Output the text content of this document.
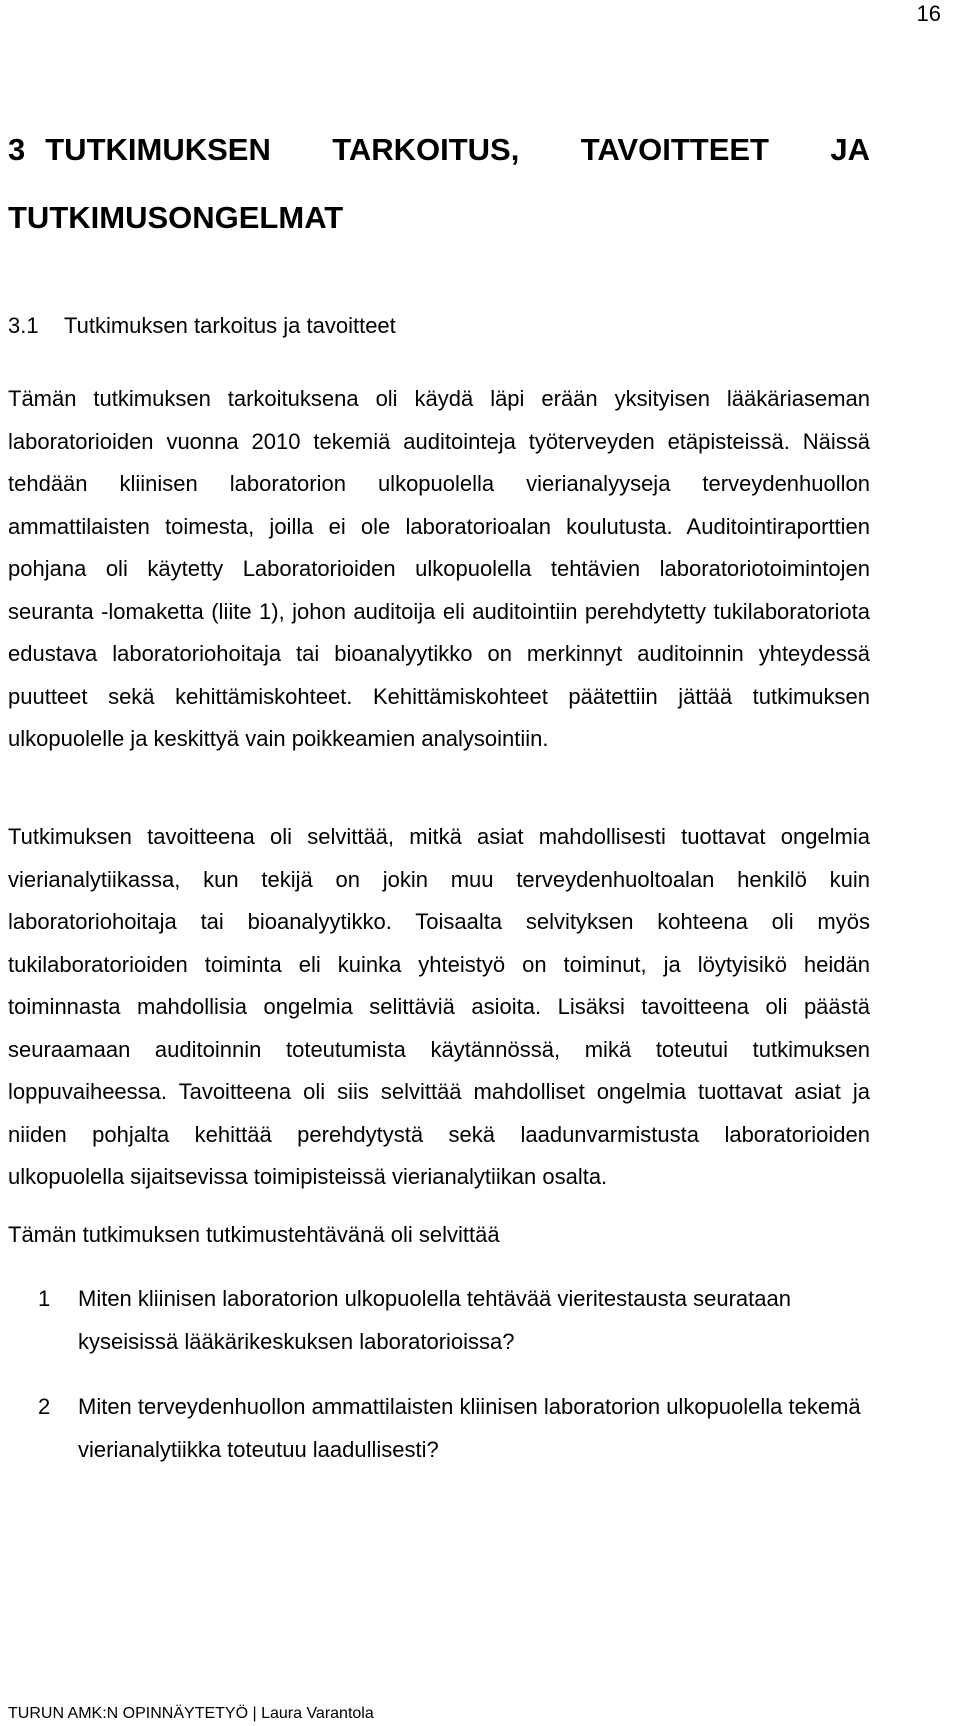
16
3 TUTKIMUKSEN TARKOITUS, TAVOITTEET JA TUTKIMUSONGELMAT
3.1 Tutkimuksen tarkoitus ja tavoitteet

Tämän tutkimuksen tarkoituksena oli käydä läpi erään yksityisen lääkäriaseman laboratorioiden vuonna 2010 tekemiä auditointeja työterveyden etäpisteissä. Näissä tehdään kliinisen laboratorion ulkopuolella vierianalyyseja terveydenhuollon ammattilaisten toimesta, joilla ei ole laboratorioalan koulutusta. Auditointiraporttien pohjana oli käytetty Laboratorioiden ulkopuolella tehtävien laboratoriotoimintojen seuranta -lomaketta (liite 1), johon auditoija eli auditointiin perehdytetty tukilaboratoriota edustava laboratoriohoitaja tai bioanalyytikko on merkinnyt auditoinnin yhteydessä puutteet sekä kehittämiskohteet. Kehittämiskohteet päätettiin jättää tutkimuksen ulkopuolelle ja keskittyä vain poikkeamien analysointiin.

Tutkimuksen tavoitteena oli selvittää, mitkä asiat mahdollisesti tuottavat ongelmia vierianalytiikassa, kun tekijä on jokin muu terveydenhuoltoalan henkilö kuin laboratoriohoitaja tai bioanalyytikko. Toisaalta selvityksen kohteena oli myös tukilaboratorioiden toiminta eli kuinka yhteistyö on toiminut, ja löytyisikö heidän toiminnasta mahdollisia ongelmia selittäviä asioita. Lisäksi tavoitteena oli päästä seuraamaan auditoinnin toteutumista käytännössä, mikä toteutui tutkimuksen loppuvaiheessa. Tavoitteena oli siis selvittää mahdolliset ongelmia tuottavat asiat ja niiden pohjalta kehittää perehdytystä sekä laadunvarmistusta laboratorioiden ulkopuolella sijaitsevissa toimipisteissä vierianalytiikan osalta.

Tämän tutkimuksen tutkimustehtävänä oli selvittää

1 Miten kliinisen laboratorion ulkopuolella tehtävää vieritestausta seurataan kyseisissä lääkärikeskuksen laboratorioissa?
2 Miten terveydenhuollon ammattilaisten kliinisen laboratorion ulkopuolella tekemä vierianalytiikka toteutuu laadullisesti?
TURUN AMK:N OPINNÄYTETYÖ | Laura Varantola
